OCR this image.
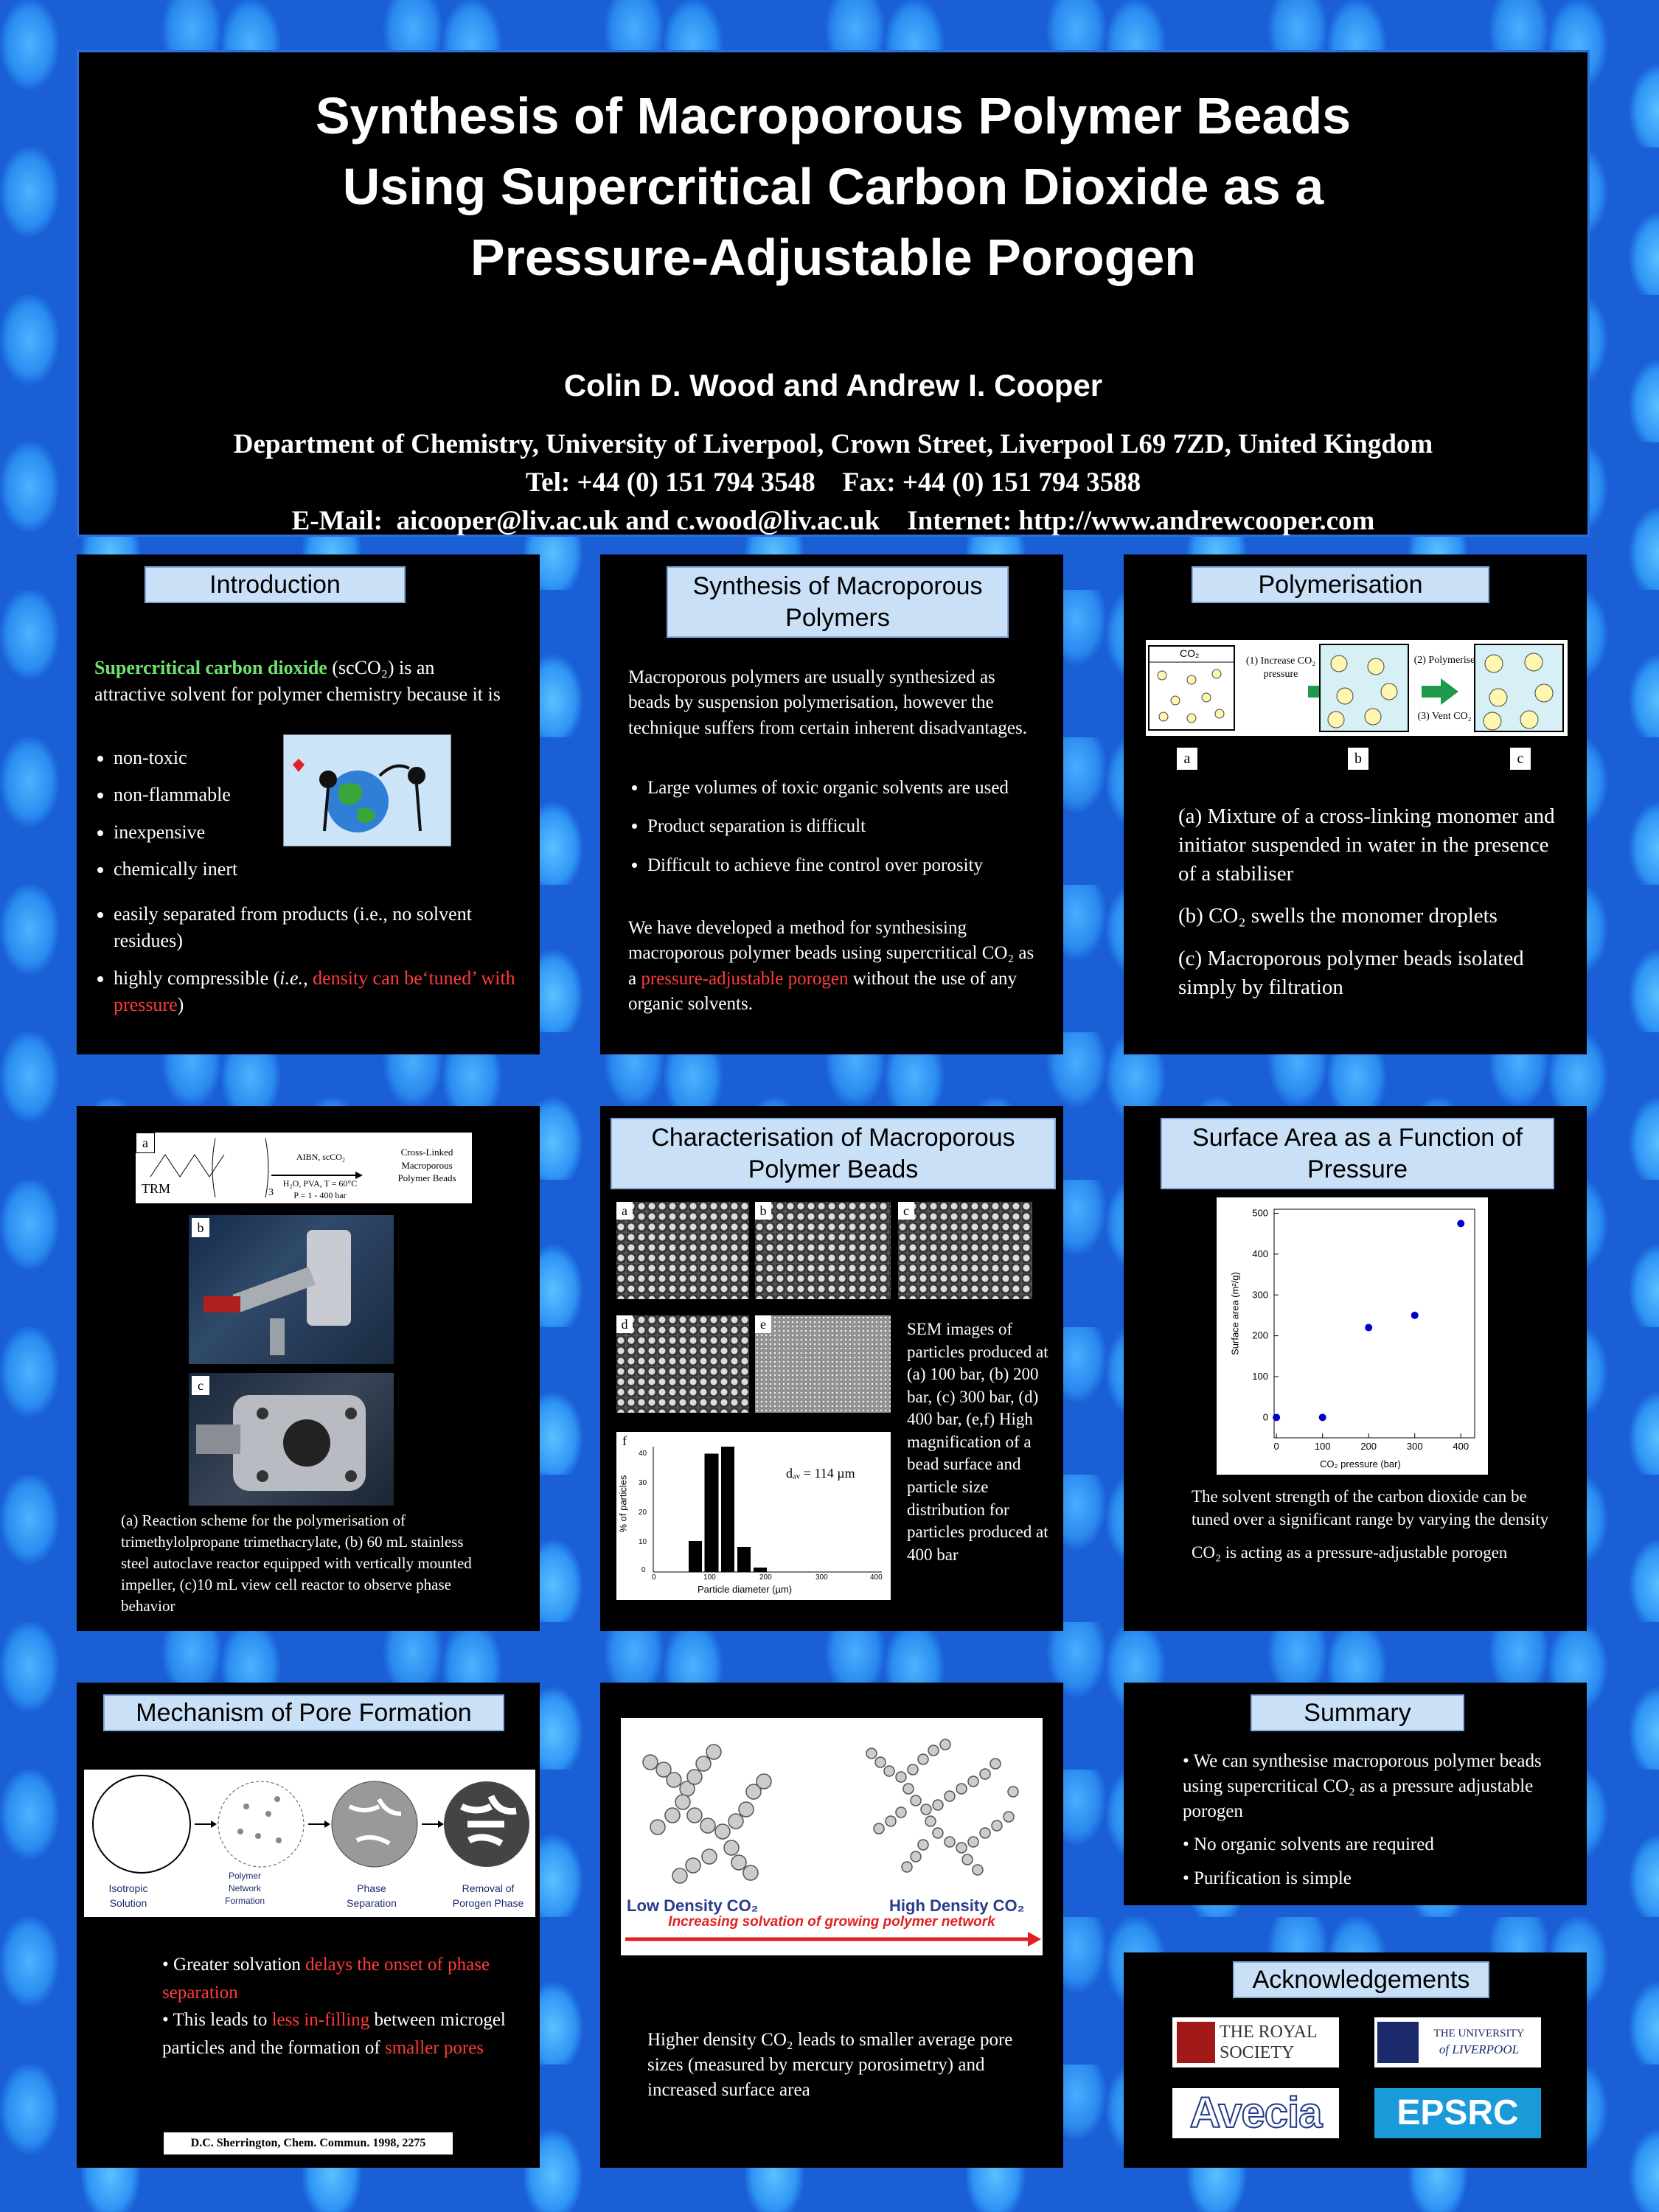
Synthesis of Macroporous Polymer Beads
Using Supercritical Carbon Dioxide as a
Pressure-Adjustable Porogen
Colin D. Wood and Andrew I. Cooper
Department of Chemistry, University of Liverpool, Crown Street, Liverpool L69 7ZD, United Kingdom
Tel: +44 (0) 151 794 3548    Fax: +44 (0) 151 794 3588
E-Mail:  aicooper@liv.ac.uk and c.wood@liv.ac.uk    Internet: http://www.andrewcooper.com
Introduction
Supercritical carbon dioxide (scCO₂) is an attractive solvent for polymer chemistry because it is
• non-toxic
• non-flammable
• inexpensive
• chemically inert
• easily separated from products (i.e., no solvent residues)
• highly compressible (i.e., density can be‘tuned’ with pressure)
Synthesis of Macroporous Polymers
Macroporous polymers are usually synthesized as beads by suspension polymerisation, however the technique suffers from certain inherent disadvantages.
• Large volumes of toxic organic solvents are used
• Product separation is difficult
• Difficult to achieve fine control over porosity
We have developed a method for synthesising macroporous polymer beads using supercritical CO₂ as a pressure-adjustable porogen without the use of any organic solvents.
Polymerisation
CO₂
(1) Increase CO₂ pressure
(2) Polymerise
(3) Vent CO₂
a	b	c
(a) Mixture of a cross-linking monomer and initiator suspended in water in the presence of a stabiliser
(b) CO₂ swells the monomer droplets
(c) Macroporous polymer beads isolated simply by filtration
a
TRM	3
AIBN, scCO₂
H₂O, PVA, T = 60°C
P = 1 - 400 bar
Cross-Linked Macroporous Polymer Beads
b
c
(a) Reaction scheme for the polymerisation of trimethylolpropane trimethacrylate, (b) 60 mL stainless steel autoclave reactor equipped with vertically mounted impeller, (c)10 mL view cell reactor to observe phase behavior
Characterisation of Macroporous Polymer Beads
a	b	c
d	e
f
% of particles
Particle diameter (µm)
dₐᵥ = 114 µm
0
10
20
30
40
0	100	200	300	400
SEM images of particles produced at (a) 100 bar, (b) 200 bar, (c) 300 bar, (d) 400 bar, (e,f) High magnification of a bead surface and particle size distribution for particles produced at 400 bar
Surface Area as a Function of Pressure
0
100
200
300
400
500
0	100	200	300	400
Surface area (m²/g)
CO₂ pressure (bar)
The solvent strength of the carbon dioxide can be tuned over a significant range by varying the density
CO₂ is acting as a pressure-adjustable porogen
Mechanism of Pore Formation
Isotropic Solution
Polymer Network Formation
Phase Separation
Removal of Porogen Phase
• Greater solvation delays the onset of phase separation
• This leads to less in-filling between microgel particles and the formation of smaller pores
D.C. Sherrington, Chem. Commun. 1998, 2275
Low Density CO₂	High Density CO₂
Increasing solvation of growing polymer network
Higher density CO₂ leads to smaller average pore sizes (measured by mercury porosimetry) and increased surface area
Summary
• We can synthesise macroporous polymer beads using supercritical CO₂ as a pressure adjustable porogen
• No organic solvents are required
• Purification is simple
Acknowledgements
THE ROYAL SOCIETY
THE UNIVERSITY
of LIVERPOOL
Avecia	EPSRC
